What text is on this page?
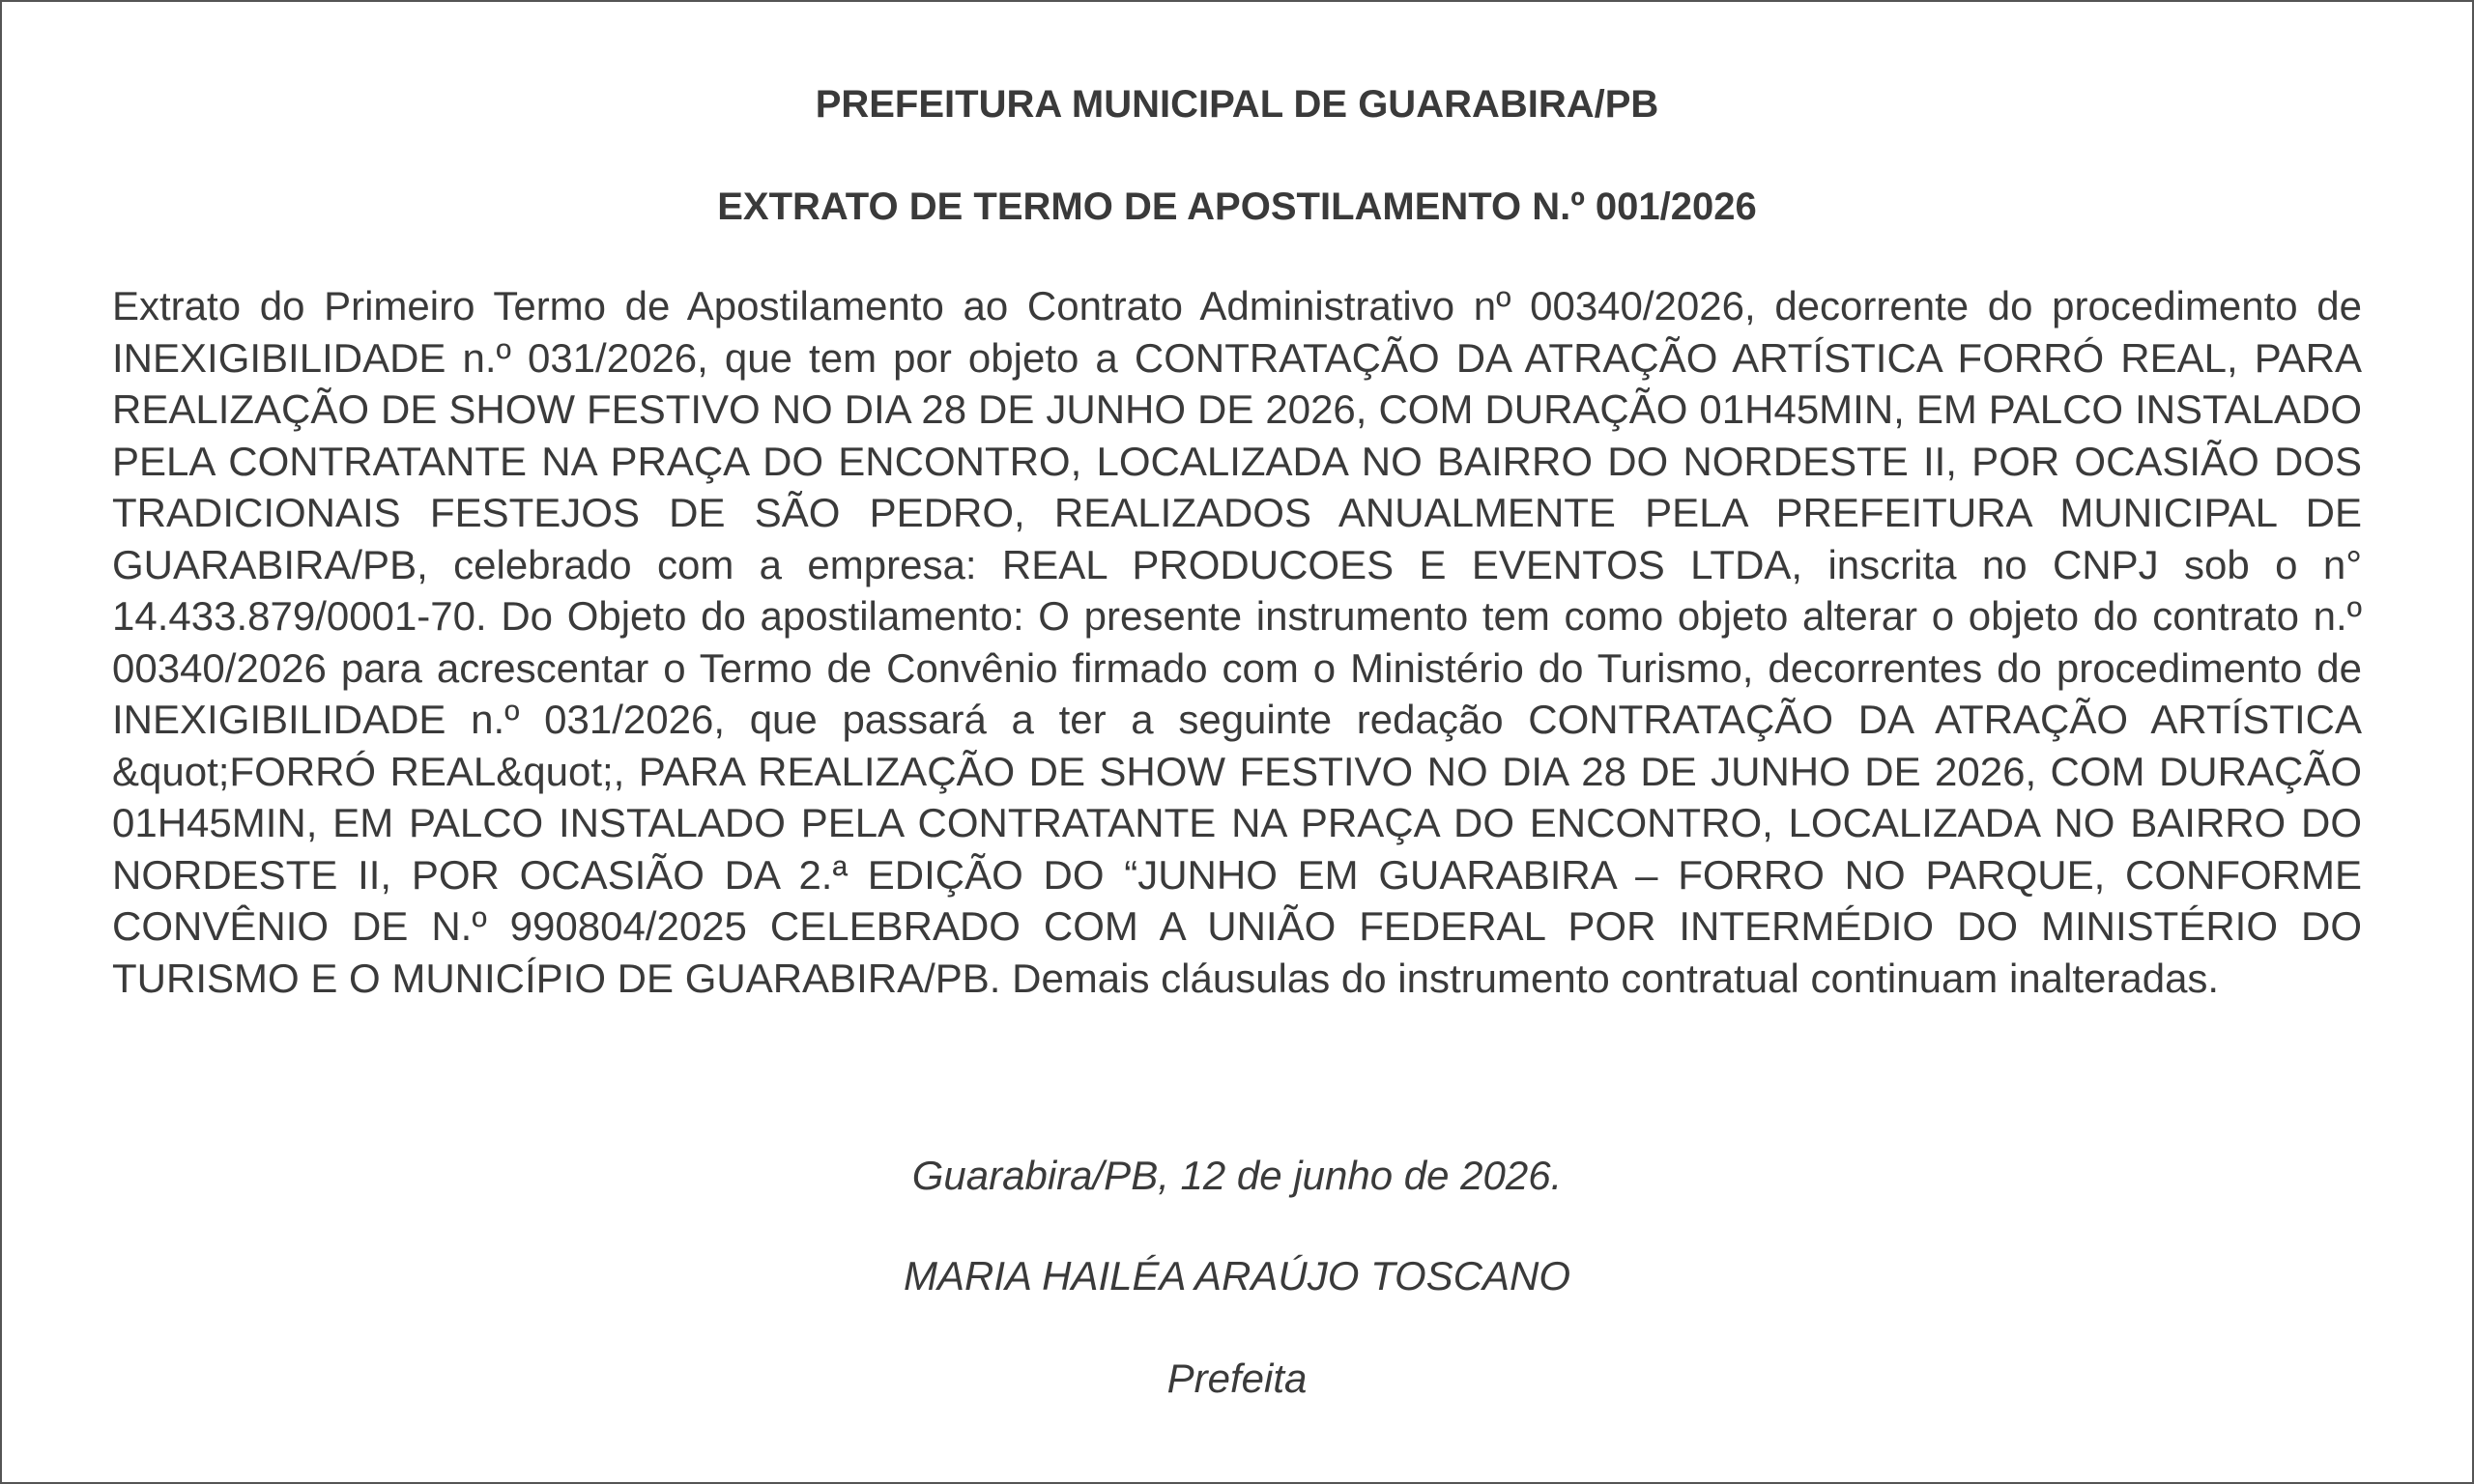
PREFEITURA MUNICIPAL DE GUARABIRA/PB

EXTRATO DE TERMO DE APOSTILAMENTO N.º 001/2026

Extrato do Primeiro Termo de Apostilamento ao Contrato Administrativo nº 00340/2026, decorrente do procedimento de INEXIGIBILIDADE n.º 031/2026, que tem por objeto a CONTRATAÇÃO DA ATRAÇÃO ARTÍSTICA FORRÓ REAL, PARA REALIZAÇÃO DE SHOW FESTIVO NO DIA 28 DE JUNHO DE 2026, COM DURAÇÃO 01H45MIN, EM PALCO INSTALADO PELA CONTRATANTE NA PRAÇA DO ENCONTRO, LOCALIZADA NO BAIRRO DO NORDESTE II, POR OCASIÃO DOS TRADICIONAIS FESTEJOS DE SÃO PEDRO, REALIZADOS ANUALMENTE PELA PREFEITURA MUNICIPAL DE GUARABIRA/PB, celebrado com a empresa: REAL PRODUCOES E EVENTOS LTDA, inscrita no CNPJ sob o n° 14.433.879/0001-70. Do Objeto do apostilamento: O presente instrumento tem como objeto alterar o objeto do contrato n.º 00340/2026 para acrescentar o Termo de Convênio firmado com o Ministério do Turismo, decorrentes do procedimento de INEXIGIBILIDADE n.º 031/2026, que passará a ter a seguinte redação CONTRATAÇÃO DA ATRAÇÃO ARTÍSTICA &quot;FORRÓ REAL&quot;, PARA REALIZAÇÃO DE SHOW FESTIVO NO DIA 28 DE JUNHO DE 2026, COM DURAÇÃO 01H45MIN, EM PALCO INSTALADO PELA CONTRATANTE NA PRAÇA DO ENCONTRO, LOCALIZADA NO BAIRRO DO NORDESTE II, POR OCASIÃO DA 2.ª EDIÇÃO DO “JUNHO EM GUARABIRA – FORRO NO PARQUE, CONFORME CONVÊNIO DE N.º 990804/2025 CELEBRADO COM A UNIÃO FEDERAL POR INTERMÉDIO DO MINISTÉRIO DO TURISMO E O MUNICÍPIO DE GUARABIRA/PB. Demais cláusulas do instrumento contratual continuam inalteradas.

Guarabira/PB, 12 de junho de 2026.

MARIA HAILÉA ARAÚJO TOSCANO

Prefeita
